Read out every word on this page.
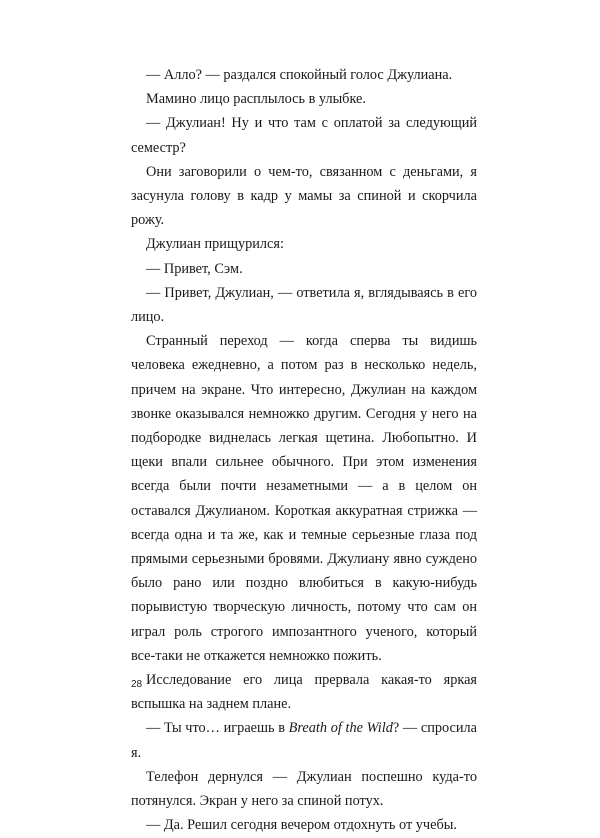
— Алло? — раздался спокойный голос Джулиана.

Мамино лицо расплылось в улыбке.

— Джулиан! Ну и что там с оплатой за следующий семестр?

Они заговорили о чем-то, связанном с деньгами, я засунула голову в кадр у мамы за спиной и скорчила рожу.

Джулиан прищурился:

— Привет, Сэм.

— Привет, Джулиан, — ответила я, вглядываясь в его лицо.

Странный переход — когда сперва ты видишь человека ежедневно, а потом раз в несколько недель, причем на экране. Что интересно, Джулиан на каждом звонке оказывался немножко другим. Сегодня у него на подбородке виднелась легкая щетина. Любопытно. И щеки впали сильнее обычного. При этом изменения всегда были почти незаметными — а в целом он оставался Джулианом. Короткая аккуратная стрижка — всегда одна и та же, как и темные серьезные глаза под прямыми серьезными бровями. Джулиану явно суждено было рано или поздно влюбиться в какую-нибудь порывистую творческую личность, потому что сам он играл роль строгого импозантного ученого, который все-таки не откажется немножко пожить.

Исследование его лица прервала какая-то яркая вспышка на заднем плане.

— Ты что… играешь в Breath of the Wild? — спросила я.

Телефон дернулся — Джулиан поспешно куда-то потянулся. Экран у него за спиной потух.

— Да. Решил сегодня вечером отдохнуть от учебы.

28
